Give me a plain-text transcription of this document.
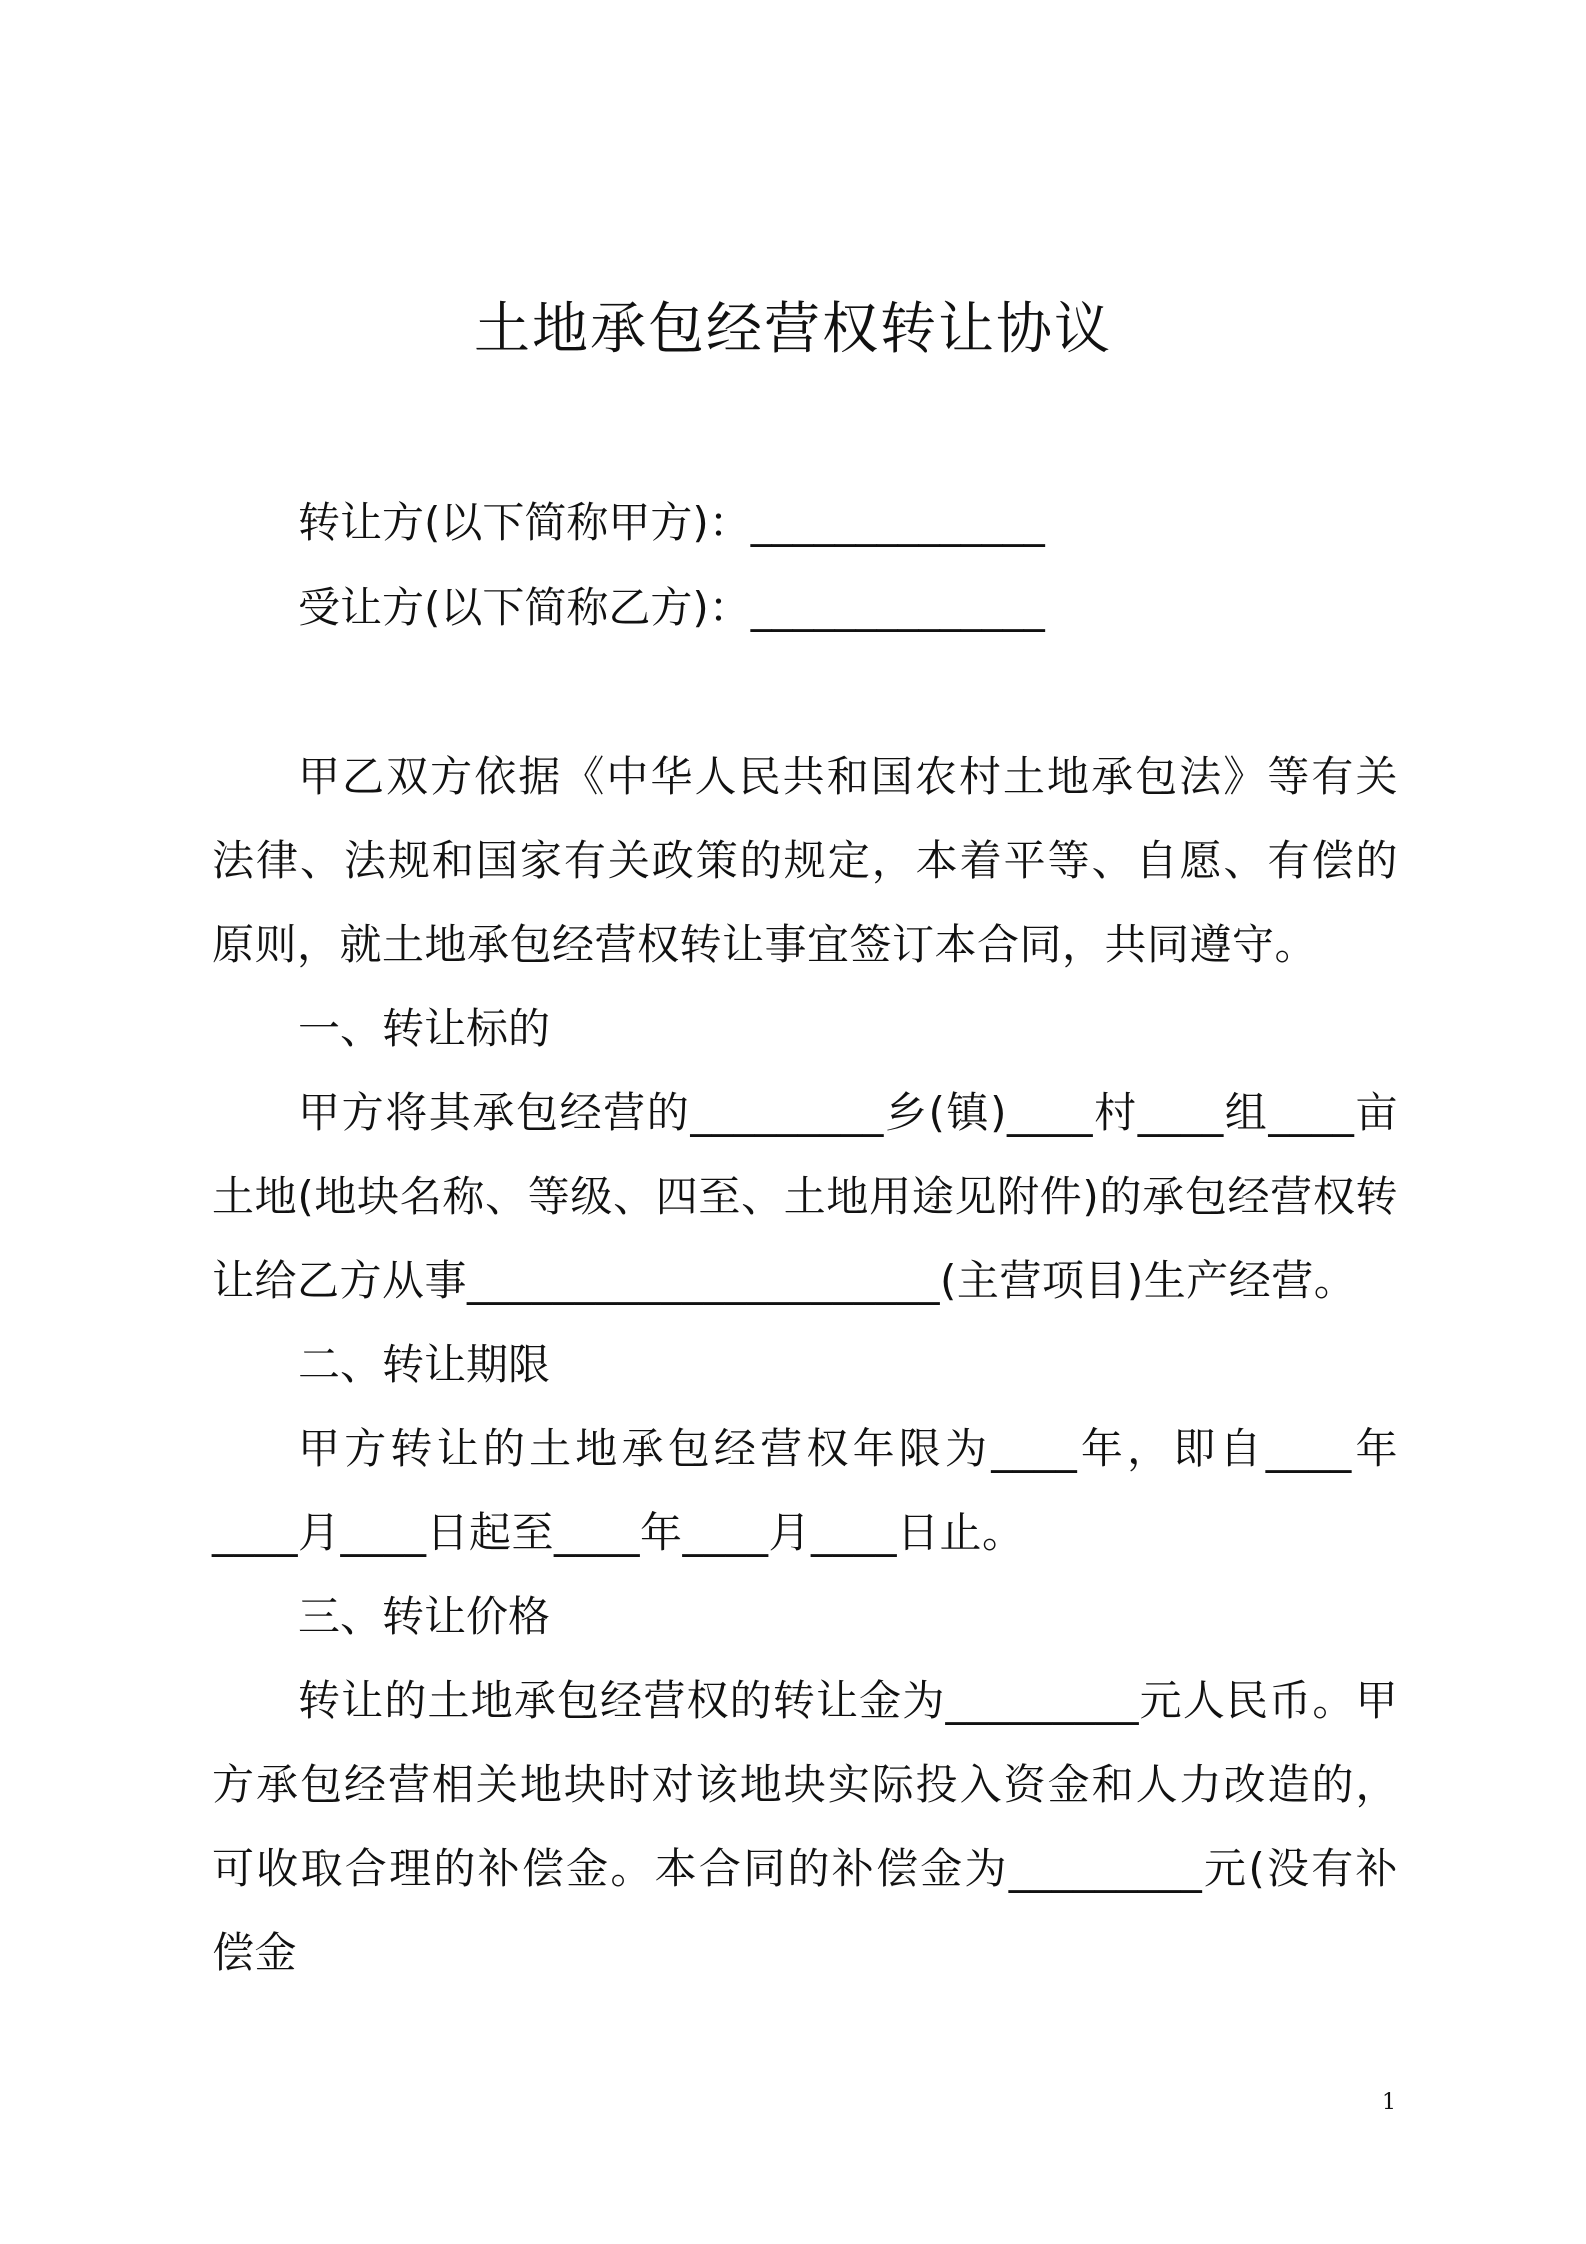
土地承包经营权转让协议

转让方(以下简称甲方)：______________

受让方(以下简称乙方)：______________

甲乙双方依据《中华人民共和国农村土地承包法》等有关法律、法规和国家有关政策的规定，本着平等、自愿、有偿的原则，就土地承包经营权转让事宜签订本合同，共同遵守。

一、转让标的

甲方将其承包经营的_________乡(镇)____村____组____亩土地(地块名称、等级、四至、土地用途见附件)的承包经营权转让给乙方从事______________________(主营项目)生产经营。

二、转让期限

甲方转让的土地承包经营权年限为____年，即自____年____月____日起至____年____月____日止。

三、转让价格

转让的土地承包经营权的转让金为_________元人民币。甲方承包经营相关地块时对该地块实际投入资金和人力改造的，可收取合理的补偿金。本合同的补偿金为_________元(没有补偿金

1
